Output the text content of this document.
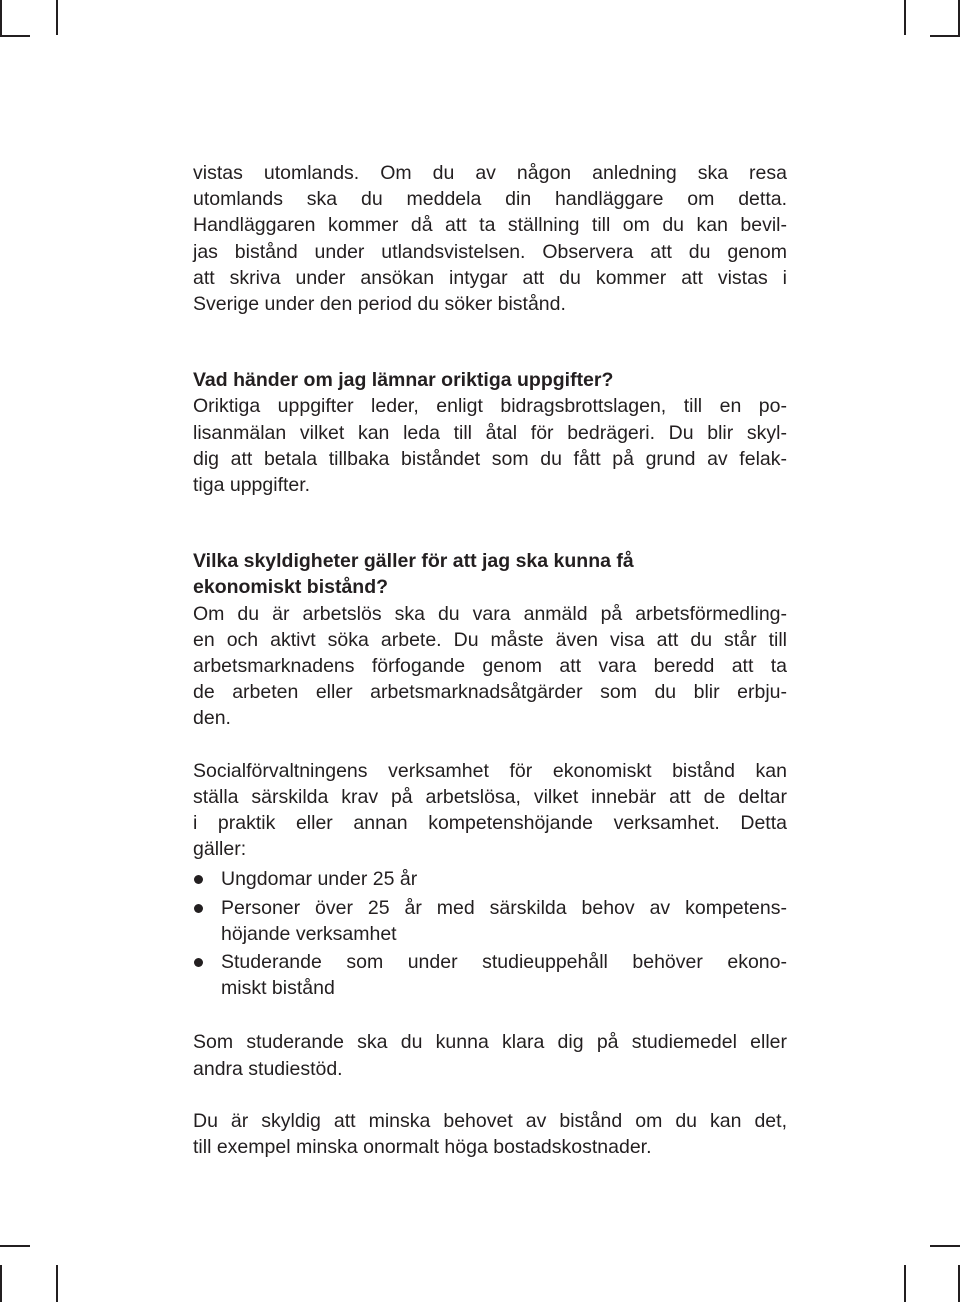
vistas utomlands. Om du av någon anledning ska resa
utomlands ska du meddela din handläggare om detta.
Handläggaren kommer då att ta ställning till om du kan bevil-
jas bistånd under utlandsvistelsen. Observera att du genom
att skriva under ansökan intygar att du kommer att vistas i
Sverige under den period du söker bistånd.

Vad händer om jag lämnar oriktiga uppgifter?

Oriktiga uppgifter leder, enligt bidragsbrottslagen, till en po-
lisanmälan vilket kan leda till åtal för bedrägeri. Du blir skyl-
dig att betala tillbaka biståndet som du fått på grund av felak-
tiga uppgifter.

Vilka skyldigheter gäller för att jag ska kunna få
ekonomiskt bistånd?

Om du är arbetslös ska du vara anmäld på arbetsförmedling-
en och aktivt söka arbete. Du måste även visa att du står till
arbetsmarknadens förfogande genom att vara beredd att ta
de arbeten eller arbetsmarknadsåtgärder som du blir erbju-
den.

Socialförvaltningens verksamhet för ekonomiskt bistånd kan
ställa särskilda krav på arbetslösa, vilket innebär att de deltar
i praktik eller annan kompetenshöjande verksamhet. Detta
gäller:

Ungdomar under 25 år
Personer över 25 år med särskilda behov av kompetens-
höjande verksamhet
Studerande som under studieuppehåll behöver ekono-
miskt bistånd

Som studerande ska du kunna klara dig på studiemedel eller
andra studiestöd.

Du är skyldig att minska behovet av bistånd om du kan det,
till exempel minska onormalt höga bostadskostnader.
